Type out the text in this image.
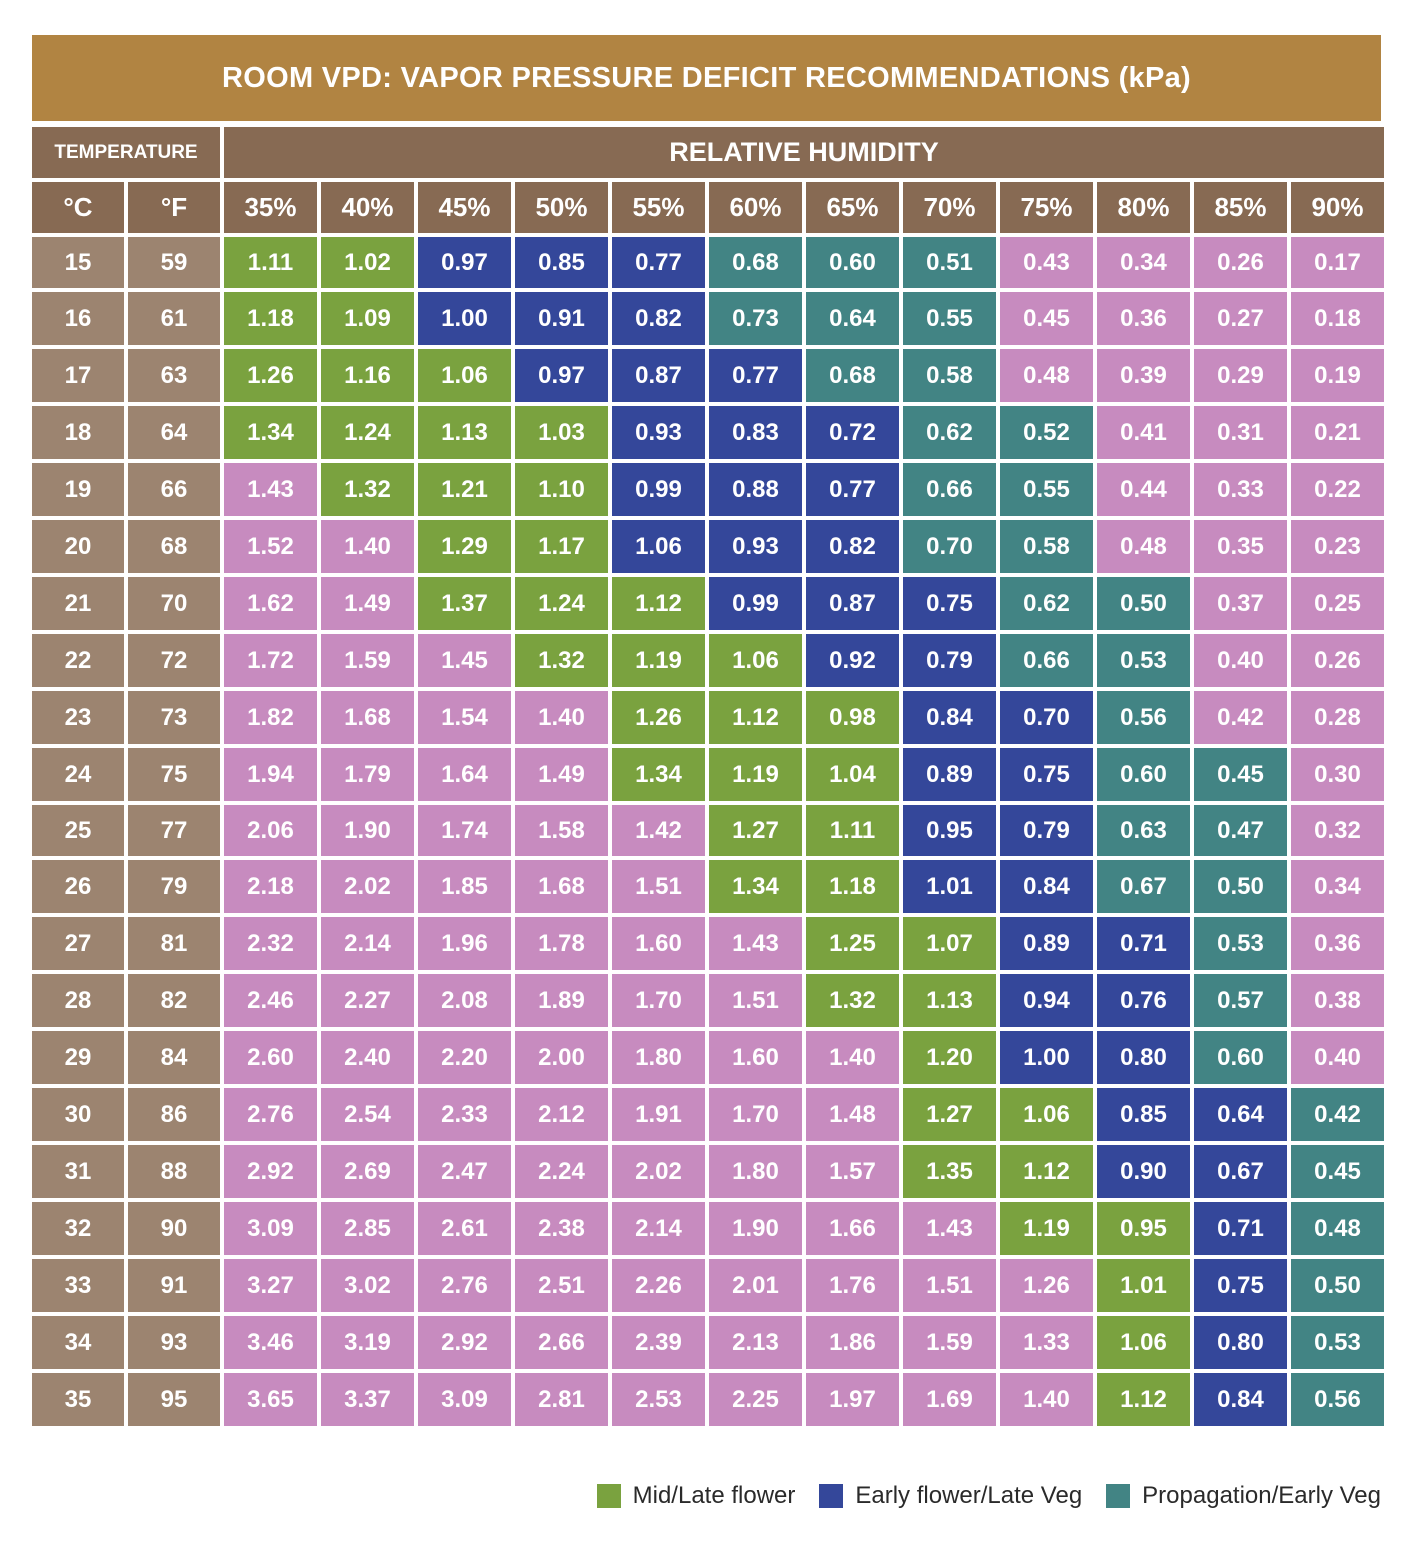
ROOM VPD: VAPOR PRESSURE DEFICIT RECOMMENDATIONS (kPa)
TEMPERATURE	RELATIVE HUMIDITY
°C	°F	35%	40%	45%	50%	55%	60%	65%	70%	75%	80%	85%	90%
15	59	1.11	1.02	0.97	0.85	0.77	0.68	0.60	0.51	0.43	0.34	0.26	0.17
16	61	1.18	1.09	1.00	0.91	0.82	0.73	0.64	0.55	0.45	0.36	0.27	0.18
17	63	1.26	1.16	1.06	0.97	0.87	0.77	0.68	0.58	0.48	0.39	0.29	0.19
18	64	1.34	1.24	1.13	1.03	0.93	0.83	0.72	0.62	0.52	0.41	0.31	0.21
19	66	1.43	1.32	1.21	1.10	0.99	0.88	0.77	0.66	0.55	0.44	0.33	0.22
20	68	1.52	1.40	1.29	1.17	1.06	0.93	0.82	0.70	0.58	0.48	0.35	0.23
21	70	1.62	1.49	1.37	1.24	1.12	0.99	0.87	0.75	0.62	0.50	0.37	0.25
22	72	1.72	1.59	1.45	1.32	1.19	1.06	0.92	0.79	0.66	0.53	0.40	0.26
23	73	1.82	1.68	1.54	1.40	1.26	1.12	0.98	0.84	0.70	0.56	0.42	0.28
24	75	1.94	1.79	1.64	1.49	1.34	1.19	1.04	0.89	0.75	0.60	0.45	0.30
25	77	2.06	1.90	1.74	1.58	1.42	1.27	1.11	0.95	0.79	0.63	0.47	0.32
26	79	2.18	2.02	1.85	1.68	1.51	1.34	1.18	1.01	0.84	0.67	0.50	0.34
27	81	2.32	2.14	1.96	1.78	1.60	1.43	1.25	1.07	0.89	0.71	0.53	0.36
28	82	2.46	2.27	2.08	1.89	1.70	1.51	1.32	1.13	0.94	0.76	0.57	0.38
29	84	2.60	2.40	2.20	2.00	1.80	1.60	1.40	1.20	1.00	0.80	0.60	0.40
30	86	2.76	2.54	2.33	2.12	1.91	1.70	1.48	1.27	1.06	0.85	0.64	0.42
31	88	2.92	2.69	2.47	2.24	2.02	1.80	1.57	1.35	1.12	0.90	0.67	0.45
32	90	3.09	2.85	2.61	2.38	2.14	1.90	1.66	1.43	1.19	0.95	0.71	0.48
33	91	3.27	3.02	2.76	2.51	2.26	2.01	1.76	1.51	1.26	1.01	0.75	0.50
34	93	3.46	3.19	2.92	2.66	2.39	2.13	1.86	1.59	1.33	1.06	0.80	0.53
35	95	3.65	3.37	3.09	2.81	2.53	2.25	1.97	1.69	1.40	1.12	0.84	0.56
Mid/Late flower	Early flower/Late Veg	Propagation/Early Veg
